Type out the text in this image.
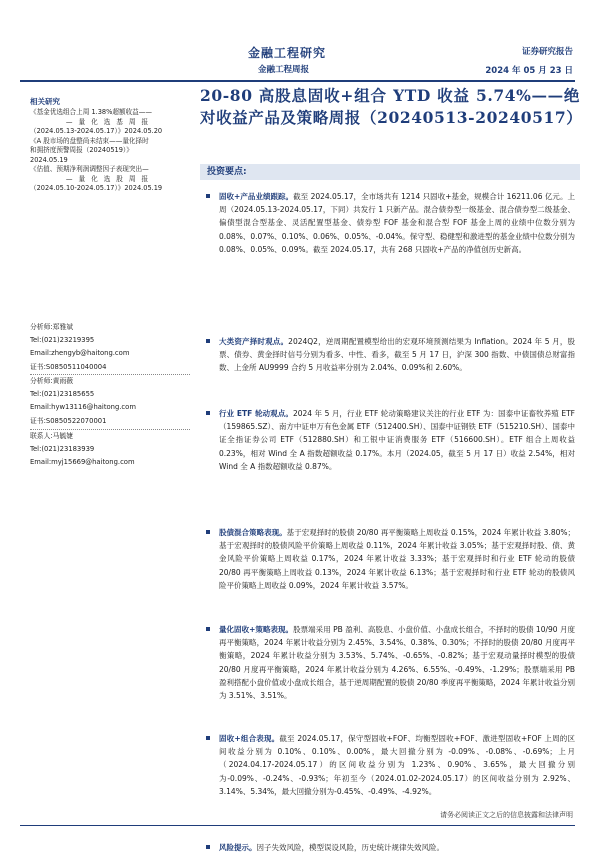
金融工程研究
金融工程周报
证券研究报告
2024 年 05 月 23 日
20-80 高股息固收+组合 YTD 收益 5.74%——绝对收益产品及策略周报（20240513-20240517）
相关研究
《基金优选组合上周 1.38%超额收益——
—量化选基周报
（2024.05.13-2024.05.17）》2024.05.20
《A 股市场的盘整尚未结束——量化择时
和拥挤度预警周报（20240519）》
2024.05.19
《估值、预期净利润调整因子表现突出—
—量化选股周报
（2024.05.10-2024.05.17）》2024.05.19
分析师:郑雅斌
Tel:(021)23219395
Email:zhengyb@haitong.com
证书:S0850511040004
分析师:黄雨薇
Tel:(021)23185655
Email:hyw13116@haitong.com
证书:S0850522070001
联系人:马毓婕
Tel:(021)23183939
Email:myj15669@haitong.com
投资要点:
固收+产品业绩跟踪。截至 2024.05.17，全市场共有 1214 只固收+基金，规模合计 16211.06 亿元。上周（2024.05.13-2024.05.17，下同）共发行 1 只新产品。混合债券型一级基金、混合债券型二级基金、偏债型混合型基金、灵活配置型基金、债券型 FOF 基金和混合型 FOF 基金上周的业绩中位数分别为 0.08%、0.07%、0.10%、0.06%、0.05%、-0.04%。保守型、稳健型和激进型的基金业绩中位数分别为 0.08%、0.05%、0.09%。截至 2024.05.17，共有 268 只固收+产品的净值创历史新高。
大类资产择时观点。2024Q2，逆周期配置模型给出的宏观环境预测结果为 Inflation。2024 年 5 月，股票、债券、黄金择时信号分别为看多、中性、看多，截至 5 月 17 日，沪深 300 指数、中债国债总财富指数、上金所 AU9999 合约 5 月收益率分别为 2.04%、0.09%和 2.60%。
行业 ETF 轮动观点。2024 年 5 月，行业 ETF 轮动策略建议关注的行业 ETF 为：国泰中证畜牧养殖 ETF（159865.SZ）、南方中证申万有色金属 ETF（512400.SH）、国泰中证钢铁 ETF（515210.SH）、国泰中证全指证券公司 ETF（512880.SH）和工银中证消费服务 ETF（516600.SH）。ETF 组合上周收益 0.23%，相对 Wind 全 A 指数超额收益 0.17%。本月（2024.05，截至 5 月 17 日）收益 2.54%，相对 Wind 全 A 指数超额收益 0.87%。
股债混合策略表现。基于宏观择时的股债 20/80 再平衡策略上周收益 0.15%，2024 年累计收益 3.80%；基于宏观择时的股债风险平价策略上周收益 0.11%，2024 年累计收益 3.05%；基于宏观择时股、债、黄金风险平价策略上周收益 0.17%，2024 年累计收益 3.33%；基于宏观择时和行业 ETF 轮动的股债 20/80 再平衡策略上周收益 0.13%，2024 年累计收益 6.13%；基于宏观择时和行业 ETF 轮动的股债风险平价策略上周收益 0.09%，2024 年累计收益 3.57%。
量化固收+策略表现。股票端采用 PB 盈利、高股息、小盘价值、小盘成长组合，不择时的股债 10/90 月度再平衡策略，2024 年累计收益分别为 2.45%、3.54%、0.38%、0.30%；不择时的股债 20/80 月度再平衡策略，2024 年累计收益分别为 3.53%、5.74%、-0.65%、-0.82%；基于宏观动量择时模型的股债 20/80 月度再平衡策略，2024 年累计收益分别为 4.26%、6.55%、-0.49%、-1.29%；股票端采用 PB 盈利搭配小盘价值或小盘成长组合，基于逆周期配置的股债 20/80 季度再平衡策略，2024 年累计收益分别为 3.51%、3.51%。
固收+组合表现。截至 2024.05.17，保守型固收+FOF、均衡型固收+FOF、激进型固收+FOF 上周的区间收益分别为 0.10%、0.10%、0.00%，最大回撤分别为 -0.09%、-0.08%、-0.69%；上月（2024.04.17-2024.05.17）的区间收益分别为 1.23%、0.90%、3.65%，最大回撤分别为-0.09%、-0.24%、-0.93%；年初至今（2024.01.02-2024.05.17）的区间收益分别为 2.92%、3.14%、5.34%，最大回撤分别为-0.45%、-0.49%、-4.92%。
风险提示。因子失效风险，模型误设风险，历史统计规律失效风险。
请务必阅读正文之后的信息披露和法律声明
